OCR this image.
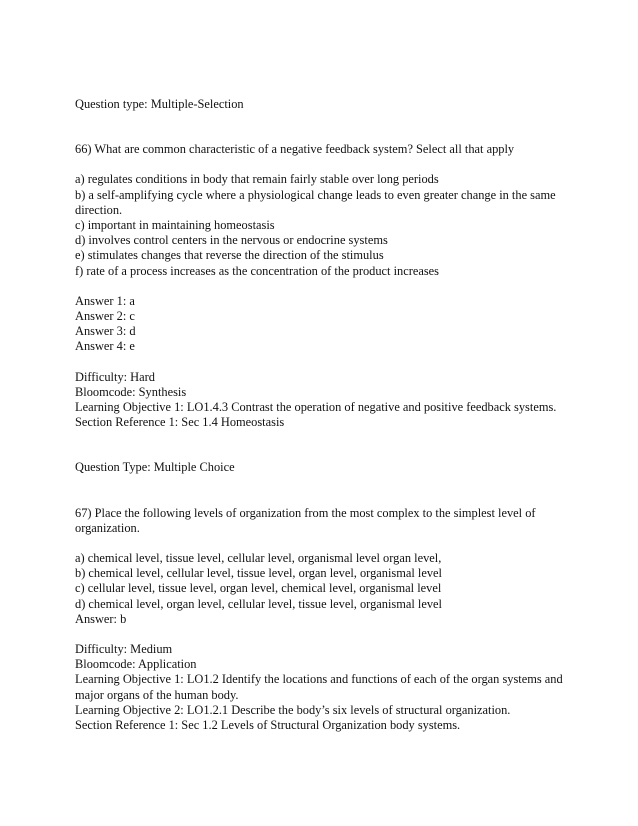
Question type: Multiple-Selection
66) What are common characteristic of a negative feedback system? Select all that apply
a) regulates conditions in body that remain fairly stable over long periods
b) a self-amplifying cycle where a physiological change leads to even greater change in the same direction.
c) important in maintaining homeostasis
d) involves control centers in the nervous or endocrine systems
e) stimulates changes that reverse the direction of the stimulus
f) rate of a process increases as the concentration of the product increases
Answer 1: a
Answer 2: c
Answer 3: d
Answer 4: e
Difficulty: Hard
Bloomcode: Synthesis
Learning Objective 1: LO1.4.3 Contrast the operation of negative and positive feedback systems.
Section Reference 1: Sec 1.4 Homeostasis
Question Type: Multiple Choice
67) Place the following levels of organization from the most complex to the simplest level of organization.
a) chemical level, tissue level, cellular level, organismal level organ level,
b) chemical level, cellular level, tissue level, organ level, organismal level
c) cellular level, tissue level, organ level, chemical level, organismal level
d) chemical level, organ level, cellular level, tissue level, organismal level
Answer: b
Difficulty: Medium
Bloomcode: Application
Learning Objective 1: LO1.2 Identify the locations and functions of each of the organ systems and major organs of the human body.
Learning Objective 2: LO1.2.1 Describe the body’s six levels of structural organization.
Section Reference 1: Sec 1.2 Levels of Structural Organization body systems.
